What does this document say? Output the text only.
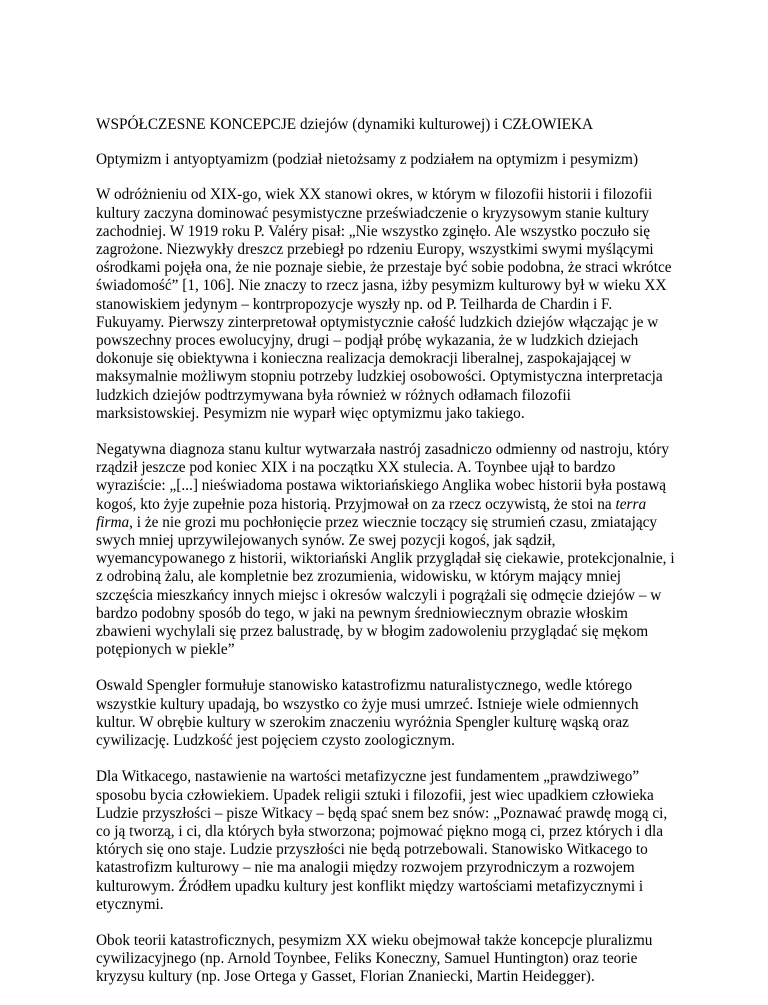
WSPÓŁCZESNE KONCEPCJE dziejów (dynamiki kulturowej) i CZŁOWIEKA

Optymizm i antyoptyamizm (podział nietożsamy z podziałem na optymizm i pesymizm)

W odróżnieniu od XIX-go, wiek XX stanowi okres, w którym w filozofii historii i filozofii kultury zaczyna dominować pesymistyczne przeświadczenie o kryzysowym stanie kultury zachodniej. W 1919 roku P. Valéry pisał: „Nie wszystko zginęło. Ale wszystko poczuło się zagrożone. Niezwykły dreszcz przebiegł po rdzeniu Europy, wszystkimi swymi myślącymi ośrodkami pojęła ona, że nie poznaje siebie, że przestaje być sobie podobna, że straci wkrótce świadomość” [1, 106]. Nie znaczy to rzecz jasna, iżby pesymizm kulturowy był w wieku XX stanowiskiem jedynym – kontrpropozycje wyszły np. od P. Teilharda de Chardin i F. Fukuyamy. Pierwszy zinterpretował optymistycznie całość ludzkich dziejów włączając je w powszechny proces ewolucyjny, drugi – podjął próbę wykazania, że w ludzkich dziejach dokonuje się obiektywna i konieczna realizacja demokracji liberalnej, zaspokajającej w maksymalnie możliwym stopniu potrzeby ludzkiej osobowości. Optymistyczna interpretacja ludzkich dziejów podtrzymywana była również w różnych odłamach filozofii marksistowskiej. Pesymizm nie wyparł więc optymizmu jako takiego.

Negatywna diagnoza stanu kultur wytwarzała nastrój zasadniczo odmienny od nastroju, który rządził jeszcze pod koniec XIX i na początku XX stulecia. A. Toynbee ujął to bardzo wyraziście: „[...] nieświadoma postawa wiktoriańskiego Anglika wobec historii była postawą kogoś, kto żyje zupełnie poza historią. Przyjmował on za rzecz oczywistą, że stoi na terra firma, i że nie grozi mu pochłonięcie przez wiecznie toczący się strumień czasu, zmiatający swych mniej uprzywilejowanych synów. Ze swej pozycji kogoś, jak sądził, wyemancypowanego z historii, wiktoriański Anglik przyglądał się ciekawie, protekcjonalnie, i z odrobiną żalu, ale kompletnie bez zrozumienia, widowisku, w którym mający mniej szczęścia mieszkańcy innych miejsc i okresów walczyli i pogrążali się odmęcie dziejów – w bardzo podobny sposób do tego, w jaki na pewnym średniowiecznym obrazie włoskim zbawieni wychylali się przez balustradę, by w błogim zadowoleniu przyglądać się mękom potępionych w piekle”

Oswald Spengler formułuje stanowisko katastrofizmu naturalistycznego, wedle którego wszystkie kultury upadają, bo wszystko co żyje musi umrzeć. Istnieje wiele odmiennych kultur. W obrębie kultury w szerokim znaczeniu wyróżnia Spengler kulturę wąską oraz cywilizację. Ludzkość jest pojęciem czysto zoologicznym.

Dla Witkacego, nastawienie na wartości metafizyczne jest fundamentem „prawdziwego” sposobu bycia człowiekiem. Upadek religii sztuki i filozofii, jest wiec upadkiem człowieka Ludzie przyszłości – pisze Witkacy – będą spać snem bez snów: „Poznawać prawdę mogą ci, co ją tworzą, i ci, dla których była stworzona; pojmować piękno mogą ci, przez których i dla których się ono staje. Ludzie przyszłości nie będą potrzebowali. Stanowisko Witkacego to katastrofizm kulturowy – nie ma analogii między rozwojem przyrodniczym a rozwojem kulturowym. Źródłem upadku kultury jest konflikt między wartościami metafizycznymi i etycznymi.

Obok teorii katastroficznych, pesymizm XX wieku obejmował także koncepcje pluralizmu cywilizacyjnego (np. Arnold Toynbee, Feliks Koneczny, Samuel Huntington) oraz teorie kryzysu kultury (np. Jose Ortega y Gasset, Florian Znaniecki, Martin Heidegger).
